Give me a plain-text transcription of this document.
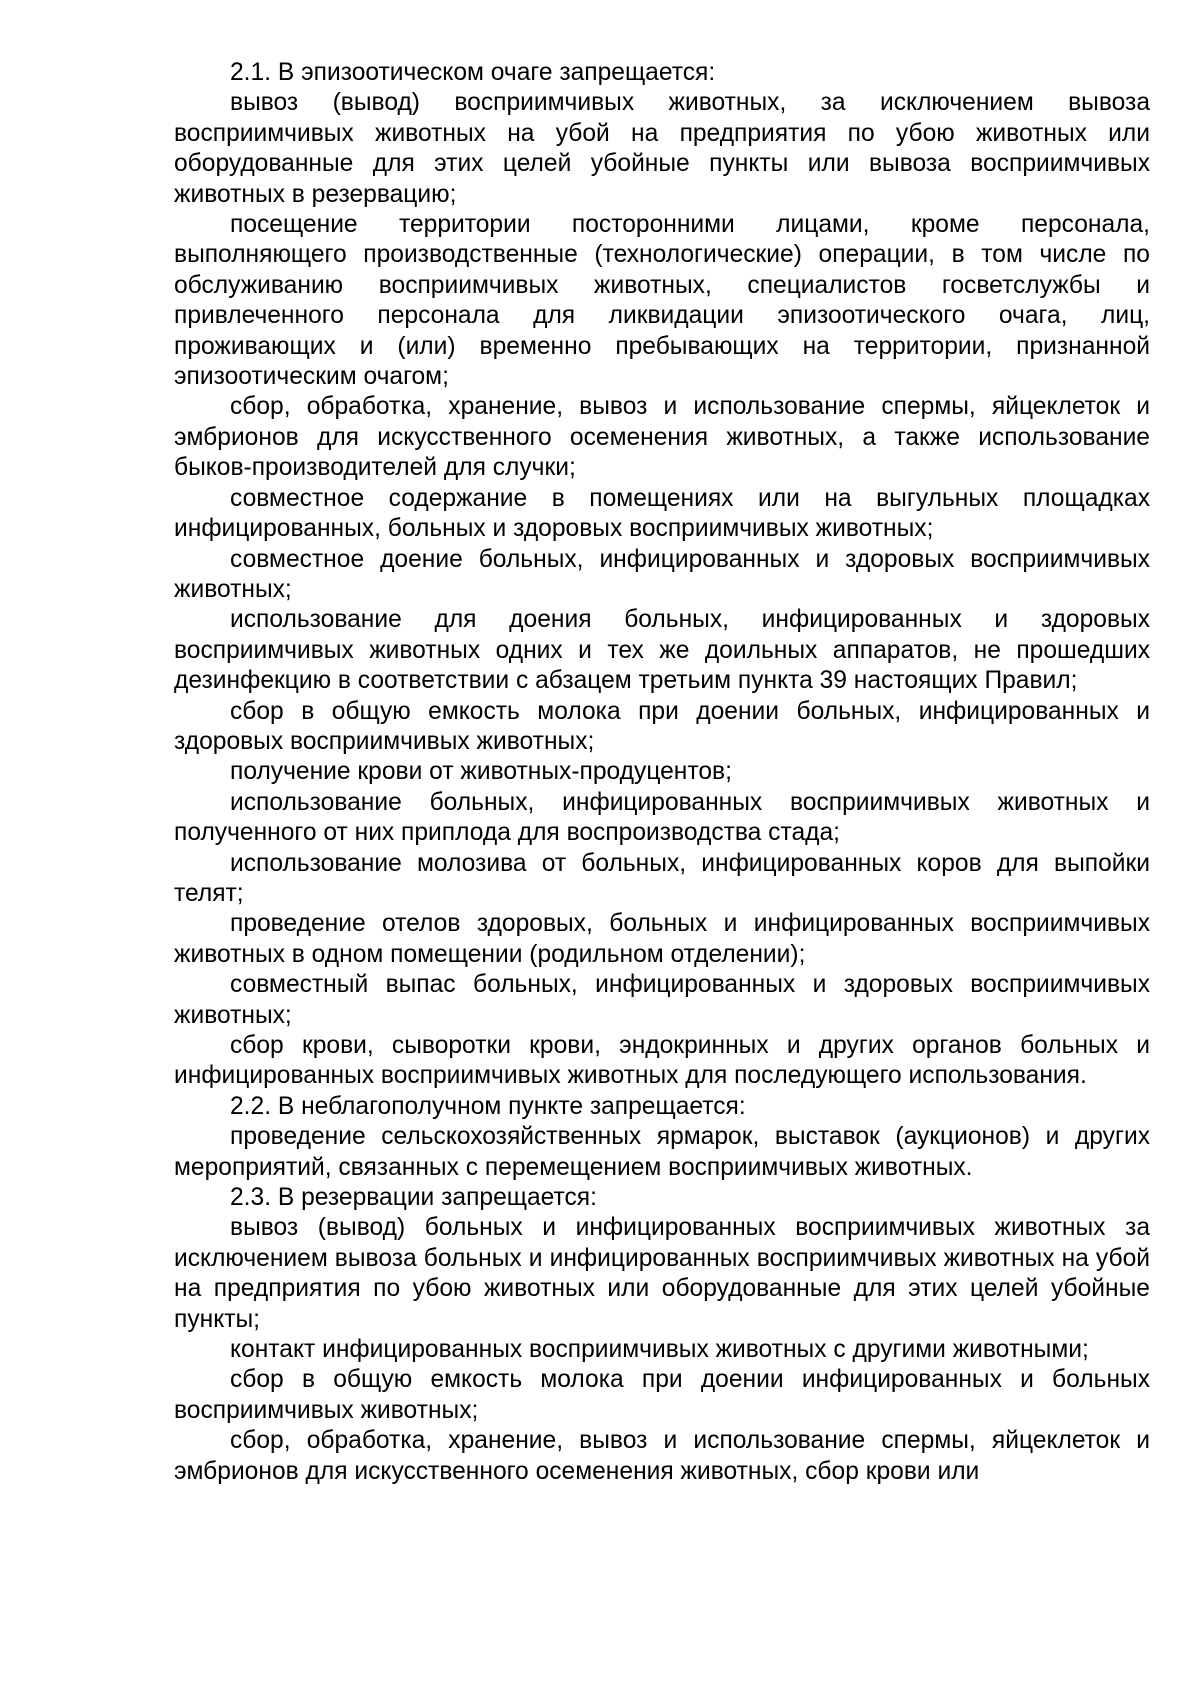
2.1. В эпизоотическом очаге запрещается:

вывоз (вывод) восприимчивых животных, за исключением вывоза восприимчивых животных на убой на предприятия по убою животных или оборудованные для этих целей убойные пункты или вывоза восприимчивых животных в резервацию;

посещение территории посторонними лицами, кроме персонала, выполняющего производственные (технологические) операции, в том числе по обслуживанию восприимчивых животных, специалистов госветслужбы и привлеченного персонала для ликвидации эпизоотического очага, лиц, проживающих и (или) временно пребывающих на территории, признанной эпизоотическим очагом;

сбор, обработка, хранение, вывоз и использование спермы, яйцеклеток и эмбрионов для искусственного осеменения животных, а также использование быков-производителей для случки;

совместное содержание в помещениях или на выгульных площадках инфицированных, больных и здоровых восприимчивых животных;

совместное доение больных, инфицированных и здоровых восприимчивых животных;

использование для доения больных, инфицированных и здоровых восприимчивых животных одних и тех же доильных аппаратов, не прошедших дезинфекцию в соответствии с абзацем третьим пункта 39 настоящих Правил;

сбор в общую емкость молока при доении больных, инфицированных и здоровых восприимчивых животных;

получение крови от животных-продуцентов;

использование больных, инфицированных восприимчивых животных и полученного от них приплода для воспроизводства стада;

использование молозива от больных, инфицированных коров для выпойки телят;

проведение отелов здоровых, больных и инфицированных восприимчивых животных в одном помещении (родильном отделении);

совместный выпас больных, инфицированных и здоровых восприимчивых животных;

сбор крови, сыворотки крови, эндокринных и других органов больных и инфицированных восприимчивых животных для последующего использования.

2.2. В неблагополучном пункте запрещается:

проведение сельскохозяйственных ярмарок, выставок (аукционов) и других мероприятий, связанных с перемещением восприимчивых животных.

2.3. В резервации запрещается:

вывоз (вывод) больных и инфицированных восприимчивых животных за исключением вывоза больных и инфицированных восприимчивых животных на убой на предприятия по убою животных или оборудованные для этих целей убойные пункты;

контакт инфицированных восприимчивых животных с другими животными;

сбор в общую емкость молока при доении инфицированных и больных восприимчивых животных;

сбор, обработка, хранение, вывоз и использование спермы, яйцеклеток и эмбрионов для искусственного осеменения животных, сбор крови или
